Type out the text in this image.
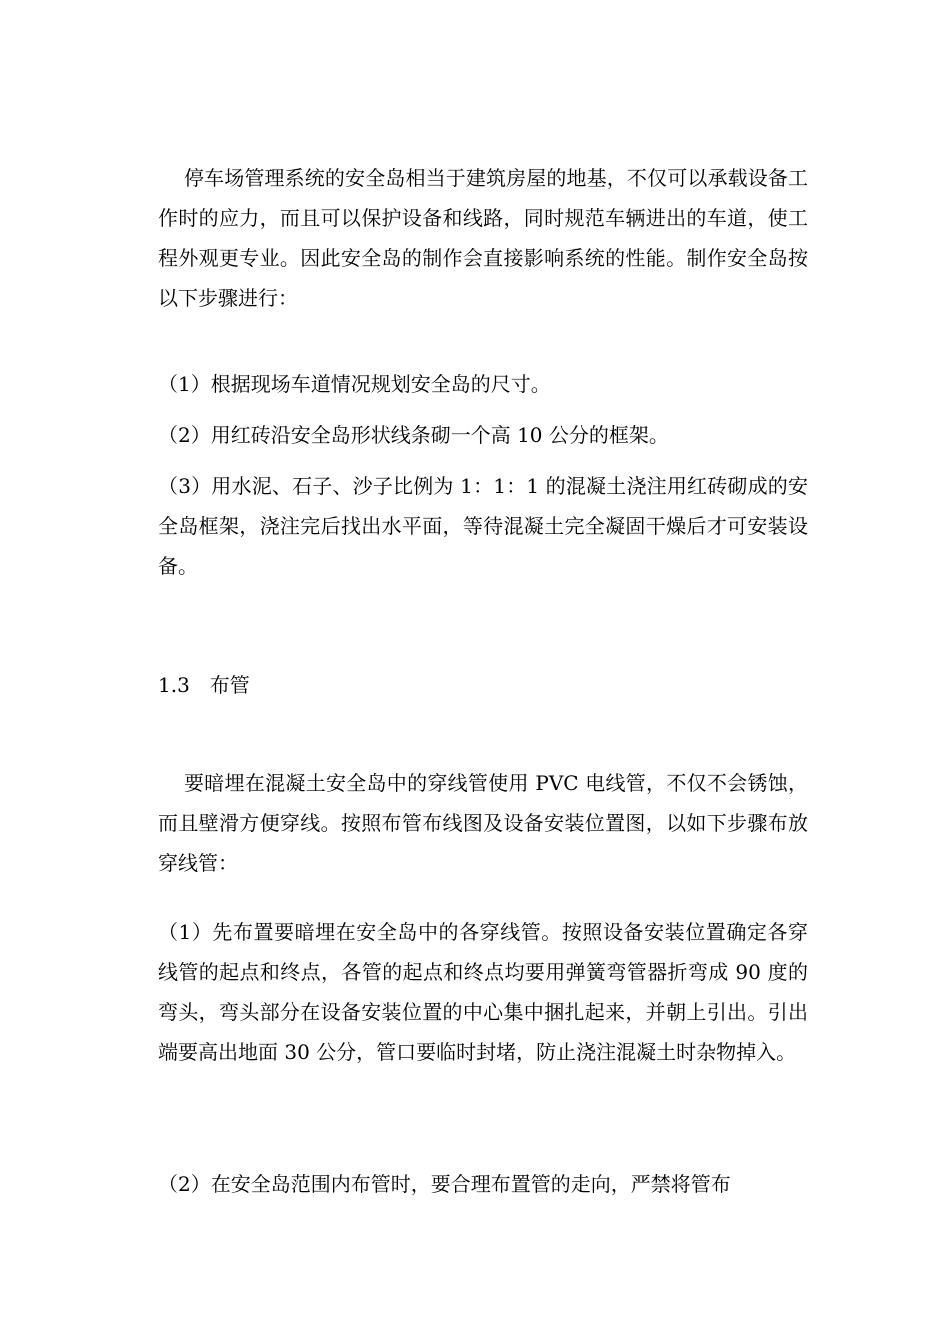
停车场管理系统的安全岛相当于建筑房屋的地基，不仅可以承载设备工作时的应力，而且可以保护设备和线路，同时规范车辆进出的车道，使工程外观更专业。因此安全岛的制作会直接影响系统的性能。制作安全岛按以下步骤进行：

（1）根据现场车道情况规划安全岛的尺寸。

（2）用红砖沿安全岛形状线条砌一个高 10 公分的框架。

（3）用水泥、石子、沙子比例为 1：1：1 的混凝土浇注用红砖砌成的安全岛框架，浇注完后找出水平面，等待混凝土完全凝固干燥后才可安装设备。

1.3　布管

要暗埋在混凝土安全岛中的穿线管使用 PVC 电线管，不仅不会锈蚀，而且壁滑方便穿线。按照布管布线图及设备安装位置图，以如下步骤布放穿线管：

（1）先布置要暗埋在安全岛中的各穿线管。按照设备安装位置确定各穿线管的起点和终点，各管的起点和终点均要用弹簧弯管器折弯成 90 度的弯头，弯头部分在设备安装位置的中心集中捆扎起来，并朝上引出。引出端要高出地面 30 公分，管口要临时封堵，防止浇注混凝土时杂物掉入。

（2）在安全岛范围内布管时，要合理布置管的走向，严禁将管布
